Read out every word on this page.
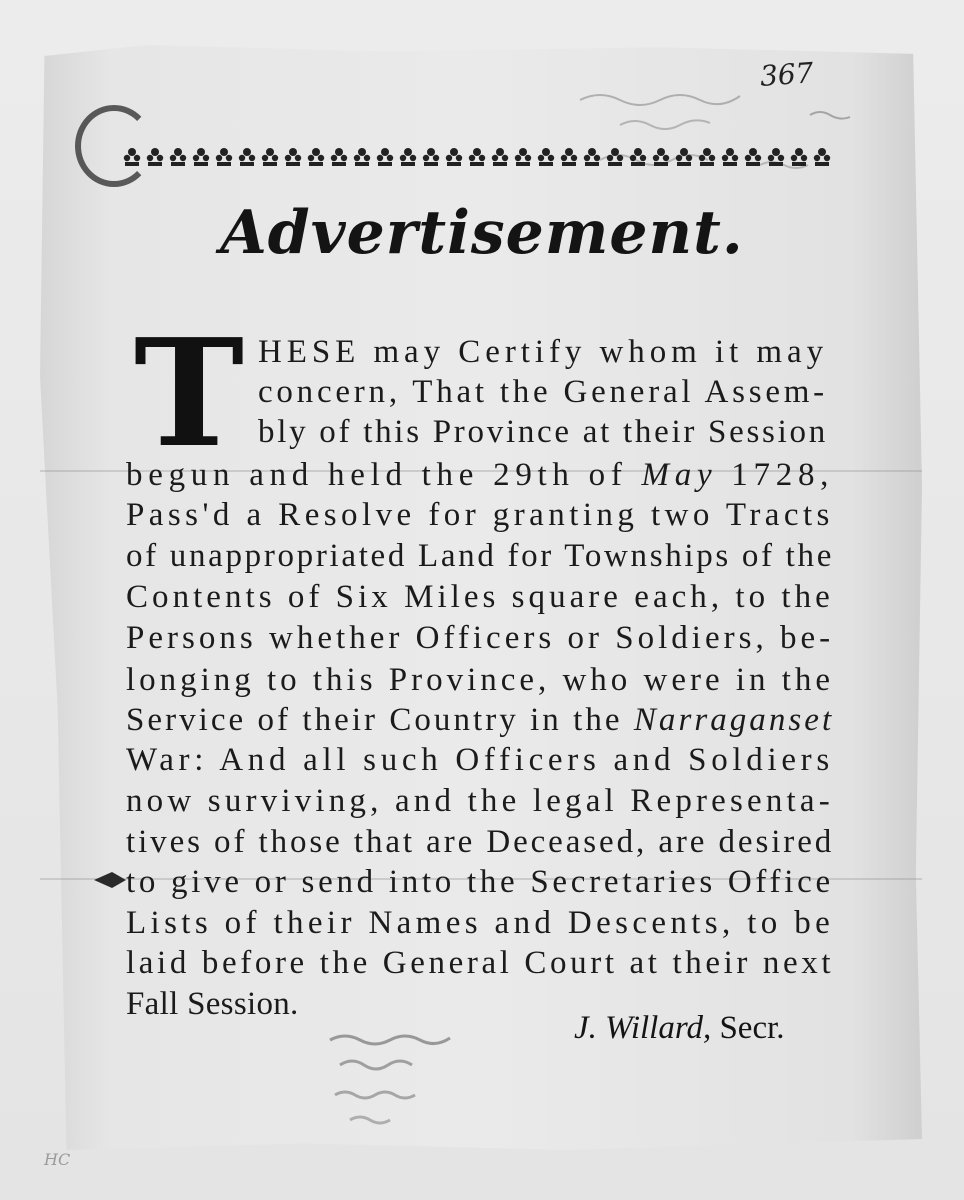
367
Advertisement.
T HESE may Certify whom it may
concern, That the General Assem-
bly of this Province at their Session
begun and held the 29th of May 1728,
Pass'd a Resolve for granting two Tracts
of unappropriated Land for Townships of the
Contents of Six Miles square each, to the
Persons whether Officers or Soldiers, be-
longing to this Province, who were in the
Service of their Country in the Narraganset
War: And all such Officers and Soldiers
now surviving, and the legal Representa-
tives of those that are Deceased, are desired
to give or send into the Secretaries Office
Lists of their Names and Descents, to be
laid before the General Court at their next
Fall Session.
J. Willard, Secr.
HC
